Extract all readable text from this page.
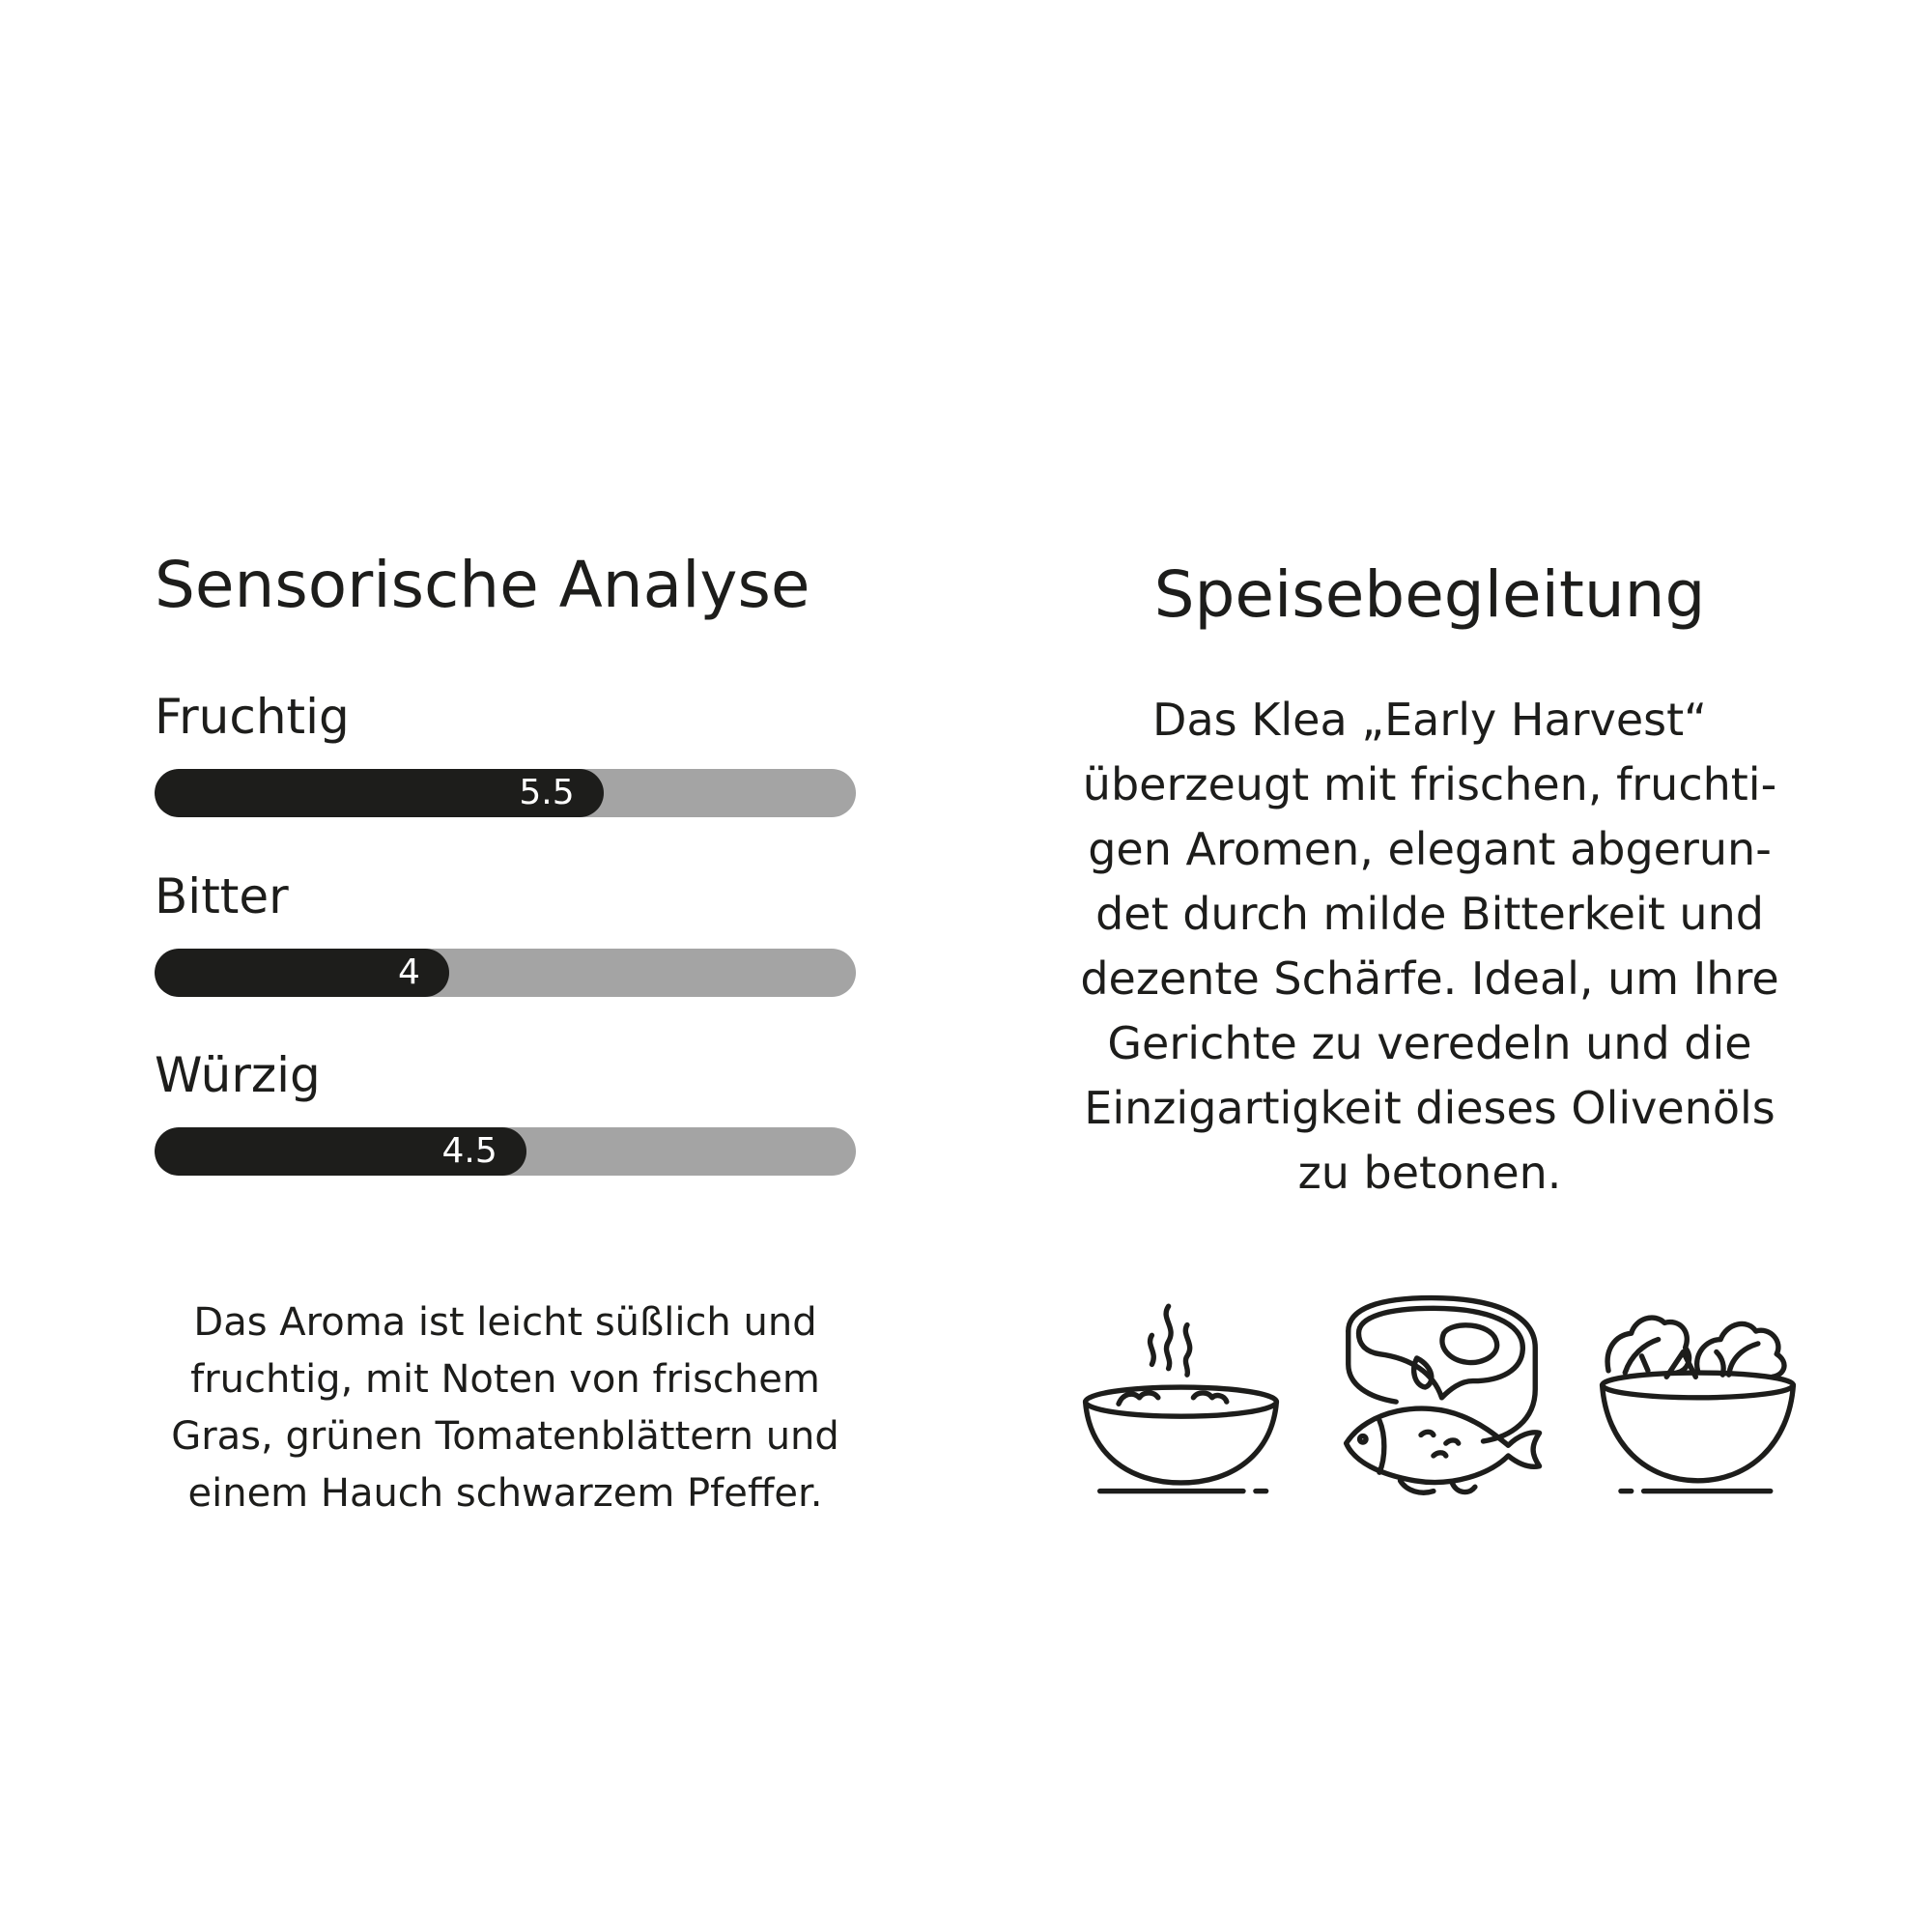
Sensorische Analyse
Fruchtig
5.5
Bitter
4
Würzig
4.5

Das Aroma ist leicht süßlich und fruchtig, mit Noten von frischem Gras, grünen Tomatenblättern und einem Hauch schwarzem Pfeffer.

Speisebegleitung

Das Klea „Early Harvest“ überzeugt mit frischen, fruchtigen Aromen, elegant abgerundet durch milde Bitterkeit und dezente Schärfe. Ideal, um Ihre Gerichte zu veredeln und die Einzigartigkeit dieses Olivenöls zu betonen.
